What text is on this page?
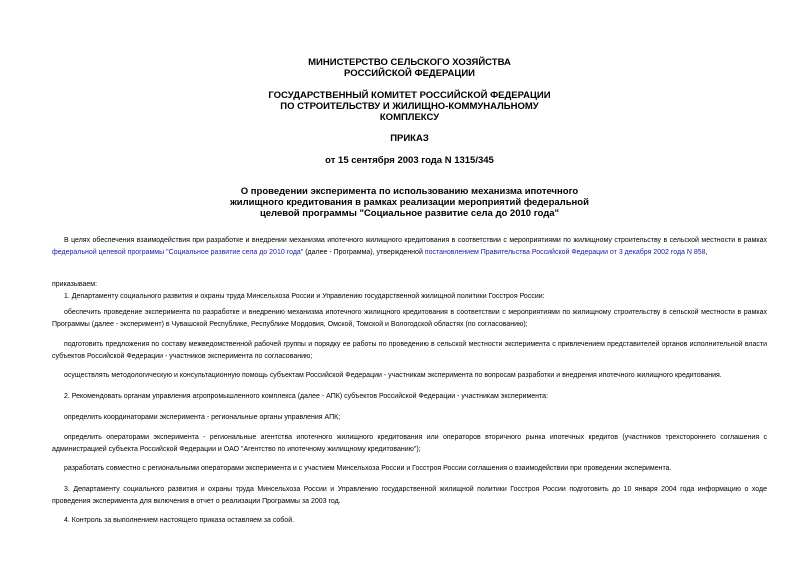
МИНИСТЕРСТВО СЕЛЬСКОГО ХОЗЯЙСТВА
РОССИЙСКОЙ ФЕДЕРАЦИИ
ГОСУДАРСТВЕННЫЙ КОМИТЕТ РОССИЙСКОЙ ФЕДЕРАЦИИ
ПО СТРОИТЕЛЬСТВУ И ЖИЛИЩНО-КОММУНАЛЬНОМУ
КОМПЛЕКСУ
ПРИКАЗ
от 15 сентября 2003 года N 1315/345
О проведении эксперимента по использованию механизма ипотечного
жилищного кредитования в рамках реализации мероприятий федеральной
целевой программы "Социальное развитие села до 2010 года"
В целях обеспечения взаимодействия при разработке и внедрении механизма ипотечного жилищного кредитования в соответствии с мероприятиями по жилищному строительству в сельской местности в рамках федеральной целевой программы "Социальное развитие села до 2010 года" (далее - Программа), утвержденной постановлением Правительства Российской Федерации от 3 декабря 2002 года N 858,
приказываем:
1. Департаменту социального развития и охраны труда Минсельхоза России и Управлению государственной жилищной политики Госстроя России:
обеспечить проведение эксперимента по разработке и внедрению механизма ипотечного жилищного кредитования в соответствии с мероприятиями по жилищному строительству в сельской местности в рамках Программы (далее - эксперимент) в Чувашской Республике, Республике Мордовия, Омской, Томской и Вологодской областях (по согласованию);
подготовить предложения по составу межведомственной рабочей группы и порядку ее работы по проведению в сельской местности эксперимента с привлечением представителей органов исполнительной власти субъектов Российской Федерации - участников эксперимента по согласованию;
осуществлять методологическую и консультационную помощь субъектам Российской Федерации - участникам эксперимента по вопросам разработки и внедрения ипотечного жилищного кредитования.
2. Рекомендовать органам управления агропромышленного комплекса (далее - АПК) субъектов Российской Федерации - участникам эксперимента:
определить координаторами эксперимента - региональные органы управления АПК;
определить операторами эксперимента - региональные агентства ипотечного жилищного кредитования или операторов вторичного рынка ипотечных кредитов (участников трехстороннего соглашения с администрацией субъекта Российской Федерации и ОАО "Агентство по ипотечному жилищному кредитованию");
разработать совместно с региональными операторами эксперимента и с участием Минсельхоза России и Госстроя России соглашения о взаимодействии при проведении эксперимента.
3. Департаменту социального развития и охраны труда Минсельхоза России и Управлению государственной жилищной политики Госстроя России подготовить до 10 января 2004 года информацию о ходе проведения эксперимента для включения в отчет о реализации Программы за 2003 год.
4. Контроль за выполнением настоящего приказа оставляем за собой.
